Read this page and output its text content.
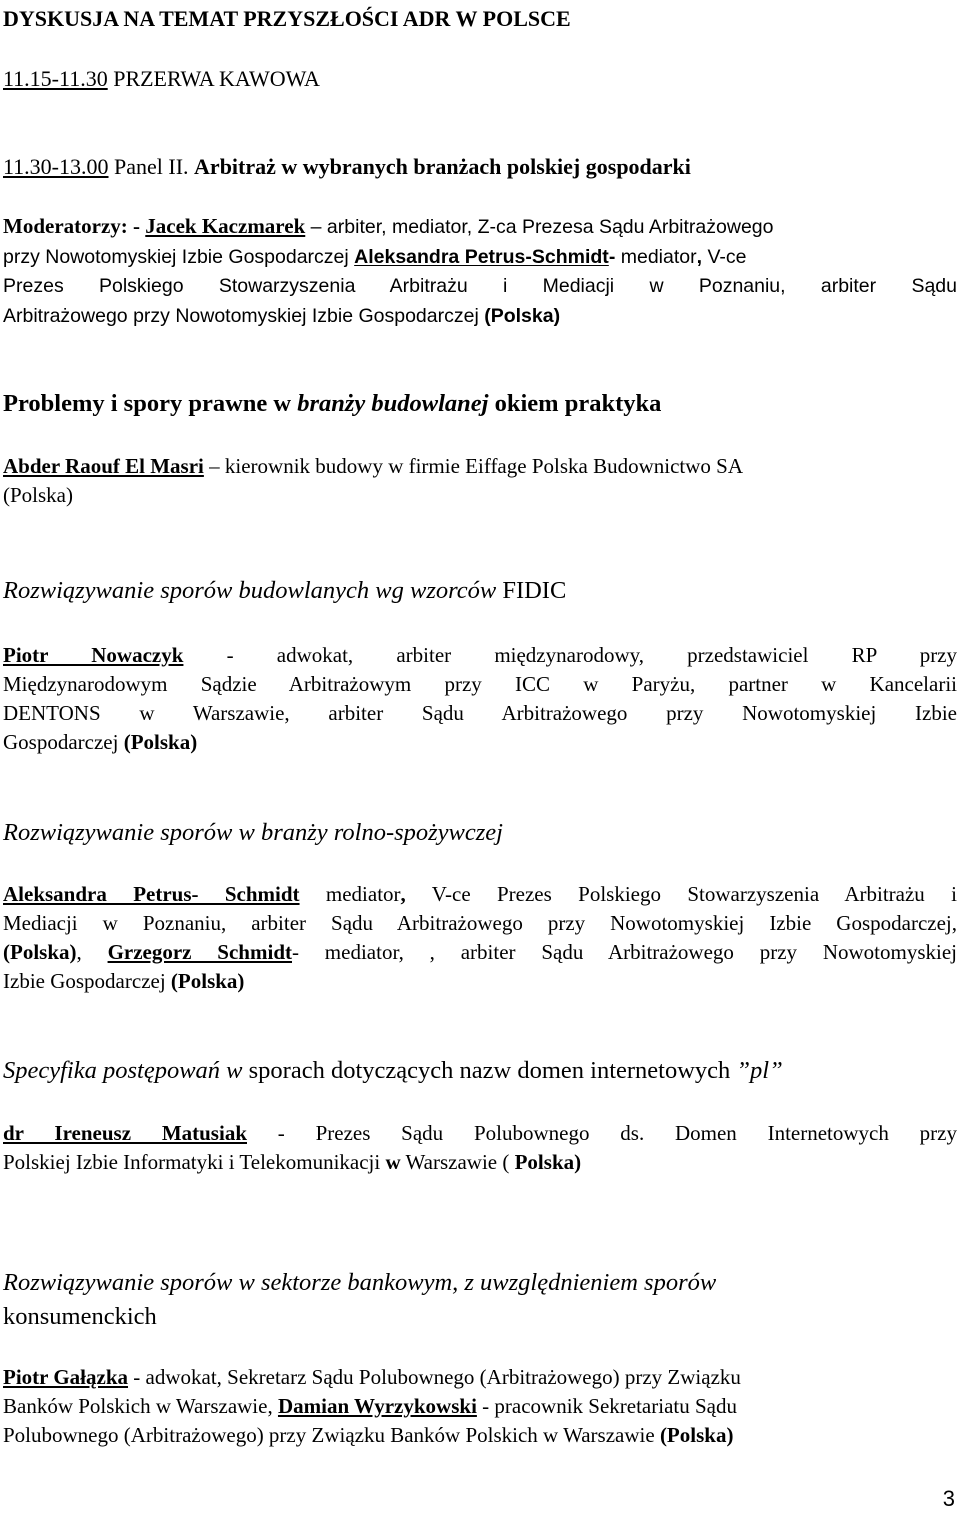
DYSKUSJA NA TEMAT PRZYSZŁOŚCI ADR W POLSCE
11.15-11.30 PRZERWA KAWOWA
11.30-13.00 Panel II. Arbitraż w wybranych branżach polskiej gospodarki
Moderatorzy: - Jacek Kaczmarek – arbiter, mediator, Z-ca Prezesa Sądu Arbitrażowego
przy Nowotomyskiej Izbie Gospodarczej Aleksandra Petrus-Schmidt- mediator, V-ce
Prezes Polskiego Stowarzyszenia Arbitrażu i Mediacji w Poznaniu, arbiter Sądu
Arbitrażowego przy Nowotomyskiej Izbie Gospodarczej (Polska)
Problemy i spory prawne w branży budowlanej okiem praktyka
Abder Raouf El Masri – kierownik budowy w firmie Eiffage Polska Budownictwo SA
(Polska)
Rozwiązywanie sporów budowlanych wg wzorców FIDIC
Piotr Nowaczyk - adwokat, arbiter międzynarodowy, przedstawiciel RP przy
Międzynarodowym Sądzie Arbitrażowym przy ICC w Paryżu, partner w Kancelarii
DENTONS w Warszawie, arbiter Sądu Arbitrażowego przy Nowotomyskiej Izbie
Gospodarczej (Polska)
Rozwiązywanie sporów w branży rolno-spożywczej
Aleksandra Petrus- Schmidt mediator, V-ce Prezes Polskiego Stowarzyszenia Arbitrażu i
Mediacji w Poznaniu, arbiter Sądu Arbitrażowego przy Nowotomyskiej Izbie Gospodarczej,
(Polska), Grzegorz Schmidt- mediator, , arbiter Sądu Arbitrażowego przy Nowotomyskiej
Izbie Gospodarczej (Polska)
Specyfika postępowań w sporach dotyczących nazw domen internetowych ”pl”
dr Ireneusz Matusiak - Prezes Sądu Polubownego ds. Domen Internetowych przy
Polskiej Izbie Informatyki i Telekomunikacji w Warszawie ( Polska)
Rozwiązywanie sporów w sektorze bankowym, z uwzględnieniem sporów
konsumenckich
Piotr Gałązka - adwokat, Sekretarz Sądu Polubownego (Arbitrażowego) przy Związku
Banków Polskich w Warszawie, Damian Wyrzykowski - pracownik Sekretariatu Sądu
Polubownego (Arbitrażowego) przy Związku Banków Polskich w Warszawie (Polska)
3
